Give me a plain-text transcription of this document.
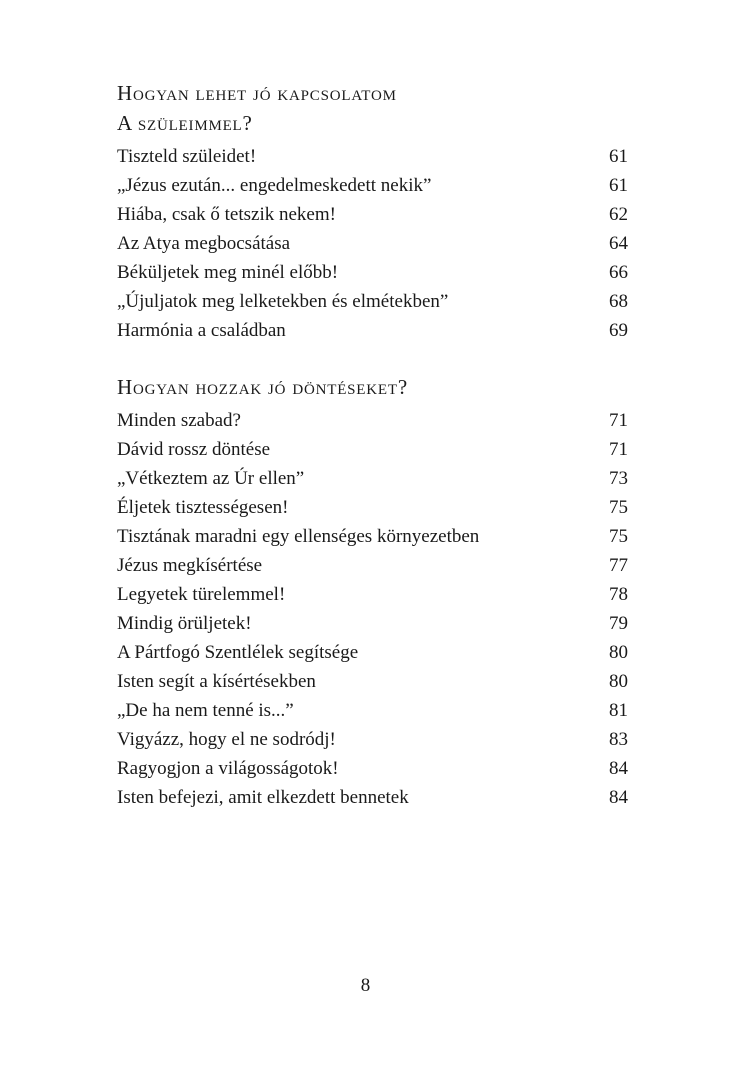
Hogyan lehet jó kapcsolatom
A szüleimmel?
Tiszteld szüleidet!	61
„Jézus ezután... engedelmeskedett nekik”	61
Hiába, csak ő tetszik nekem!	62
Az Atya megbocsátása	64
Béküljetek meg minél előbb!	66
„Újuljatok meg lelketekben és elmétekben”	68
Harmónia a családban	69
Hogyan hozzak jó döntéseket?
Minden szabad?	71
Dávid rossz döntése	71
„Vétkeztem az Úr ellen”	73
Éljetek tisztességesen!	75
Tisztának maradni egy ellenséges környezetben	75
Jézus megkísértése	77
Legyetek türelemmel!	78
Mindig örüljetek!	79
A Pártfogó Szentlélek segítsége	80
Isten segít a kísértésekben	80
„De ha nem tenné is...”	81
Vigyázz, hogy el ne sodródj!	83
Ragyogjon a világosságotok!	84
Isten befejezi, amit elkezdett bennetek	84
8
